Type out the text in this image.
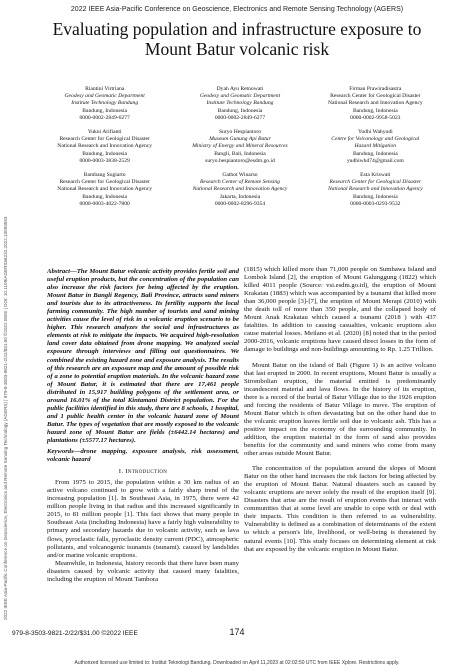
2022 IEEE Asia-Pacific Conference on Geoscience, Electronics and Remote Sensing Technology (AGERS)
2022 IEEE Asia-Pacific Conference on Geoscience, Electronics and Remote Sensing Technology (AGERS) | 979-8-3503-9821-2/22/$31.00 ©2022 IEEE | DOI: 10.1109/AGERS56232.2022.10093553
Evaluating population and infrastructure exposure to
Mount Batur volcanic risk
Riantini Virtriana
Geodesy and Geomatic Department
Institute Technology Bandung
Bandung, Indonesia
0000-0002-2849-6277
Dyah Ayu Retnowati
Geodesy and Geomatic Department
Institute Technology Bandung
Bandung, Indonesia
0000-0002-2849-6277
Firman Prawiradisastra
Research Center for Geological Disaster
National Research and Innovation Agency
Bandung, Indonesia
0000-0002-9958-5023
Yukni Arifianti
Research Center for Geological Disaster
National Research and Innovation Agency
Bandung, Indonesia
0000-0003-3838-2529
Suryo Hespiantoro
Museum Gunung Api Batur
Ministry of Energy and Mineral Resources
Bangli, Bali, Indonesia
suryo.hespiantoro@esdm.go.id
Yudhi Wahyudi
Centre for Volcanology and Geological
Hazard Mitigation
Bandung, Indonesia
yudhiwhd74@gmail.com
Bambang Sugiarto
Research Center for Geological Disaster
National Research and Innovation Agency
Bandung, Indonesia
0000-0003-4022-7800
Gathot Winarso
Research Center of Remote Sensing
National Research and Innovation Agency
Jakarta, Indonesia
0000-0002-8296-9354
Esta Kriswati
Research Center for Geological Disaster
National Research and Innovation Agency
Bandung, Indonesia
0000-0003-0293-9532
Abstract—The Mount Batur volcanic activity provides fertile soil and useful eruption products, but the concentration of the population can also increase the risk factors for being affected by the eruption. Mount Batur in Bangli Regency, Bali Province, attracts sand miners and tourists due to its attractiveness. Its fertility supports the local farming community. The high number of tourists and sand mining activities cause the level of risk in a volcanic eruption scenario to be higher. This research analyzes the social and infrastructures as elements at risk to mitigate the impacts. We acquired high-resolution land cover data obtained from drone mapping. We analyzed social exposure through interviews and filling out questionnaires. We combined the existing hazard zone and exposure analysis. The results of this research are an exposure map and the amount of possible risk of a zone to potential eruption materials. In the volcanic hazard zone of Mount Batur, it is estimated that there are 17,461 people distributed in 15,917 building polygons of the settlement area, or around 16.01% of the total Kintamani District population. For the public facilities identified in this study, there are 8 schools, 1 hospital, and 1 public health center in the volcanic hazard zone of Mount Batur. The types of vegetation that are mostly exposed to the volcanic hazard zone of Mount Batur are fields (±6442.14 hectares) and plantations (±5577.17 hectares).
Keywords—drone mapping, exposure analysis, risk assessment, volcanic hazard
I. Introduction

From 1975 to 2015, the population within a 30 km radius of an active volcano continued to grow with a fairly sharp trend of the increasing population [1]. In Southeast Asia, in 1975, there were 42 million people living in that radius and this increased significantly in 2015, to 81 million people [1]. This fact shows that many people in Southeast Asia (including Indonesia) have a fairly high vulnerability to primary and secondary hazards due to volcanic activity, such as lava flows, pyroclastic falls, pyroclastic density current (PDC), atmospheric pollutants, and volcanogenic tsunamis (tsunami). caused by landslides and/or marine volcanic eruptions.

Meanwhile, in Indonesia, history records that there have been many disasters caused by volcanic activity that caused many fatalities, including the eruption of Mount Tambora

(1815) which killed more than 71,000 people on Sumbawa Island and Lombok Island [2], the eruption of Mount Galunggung (1822) which killed 4011 people (Source: vsi.esdm.go.id), the eruption of Mount Krakatau (1883) which was accompanied by a tsunami that killed more than 36,000 people [3]-[7], the eruption of Mount Merapi (2010) with the death toll of more than 350 people, and the collapsed body of Mount Anak Krakatau which caused a tsunami (2018 ) with 437 fatalities. In addition to causing casualties, volcanic eruptions also cause material losses. Meilano et al. (2020) [8] noted that in the period 2000-2016, volcanic eruptions have caused direct losses in the form of damage to buildings and non-buildings amounting to Rp. 1.25 Trillion.

Mount Batur on the island of Bali (Figure 1) is an active volcano that last erupted in 2000. In recent eruptions, Mount Batur is usually a Strombolian eruption, the material emitted is predominantly incandescent material and lava flows. In the history of its eruption, there is a record of the burial of Batur Village due to the 1926 eruption and forcing the residents of Batur Village to move. The eruption of Mount Batur which is often devastating but on the other hand due to the volcanic eruption leaves fertile soil due to volcanic ash. This has a positive impact on the economy of the surrounding community. In addition, the eruption material in the form of sand also provides benefits for the community and sand miners who come from many other areas outside Mount Batur.

The concentration of the population around the slopes of Mount Batur on the other hand increases the risk factors for being affected by the eruption of Mount Batur. Natural disasters such as caused by volcanic eruptions are never solely the result of the eruption itself [9]. Disasters that arise are the result of eruption events that interact with communities that at some level are unable to cope with or deal with their impacts. This condition is then referred to as vulnerability. Vulnerability is defined as a combination of determinants of the extent to which a person's life, livelihood, or well-being is threatened by natural events [10]. This study focuses on determining element at risk that are exposed by the volcanic eruption in Mount Batur.

979-8-3503-9821-2/22/$31.00 ©2022 IEEE	174
Authorized licensed use limited to: Institut Teknologi Bandung. Downloaded on April 11,2023 at 02:02:50 UTC from IEEE Xplore. Restrictions apply.
